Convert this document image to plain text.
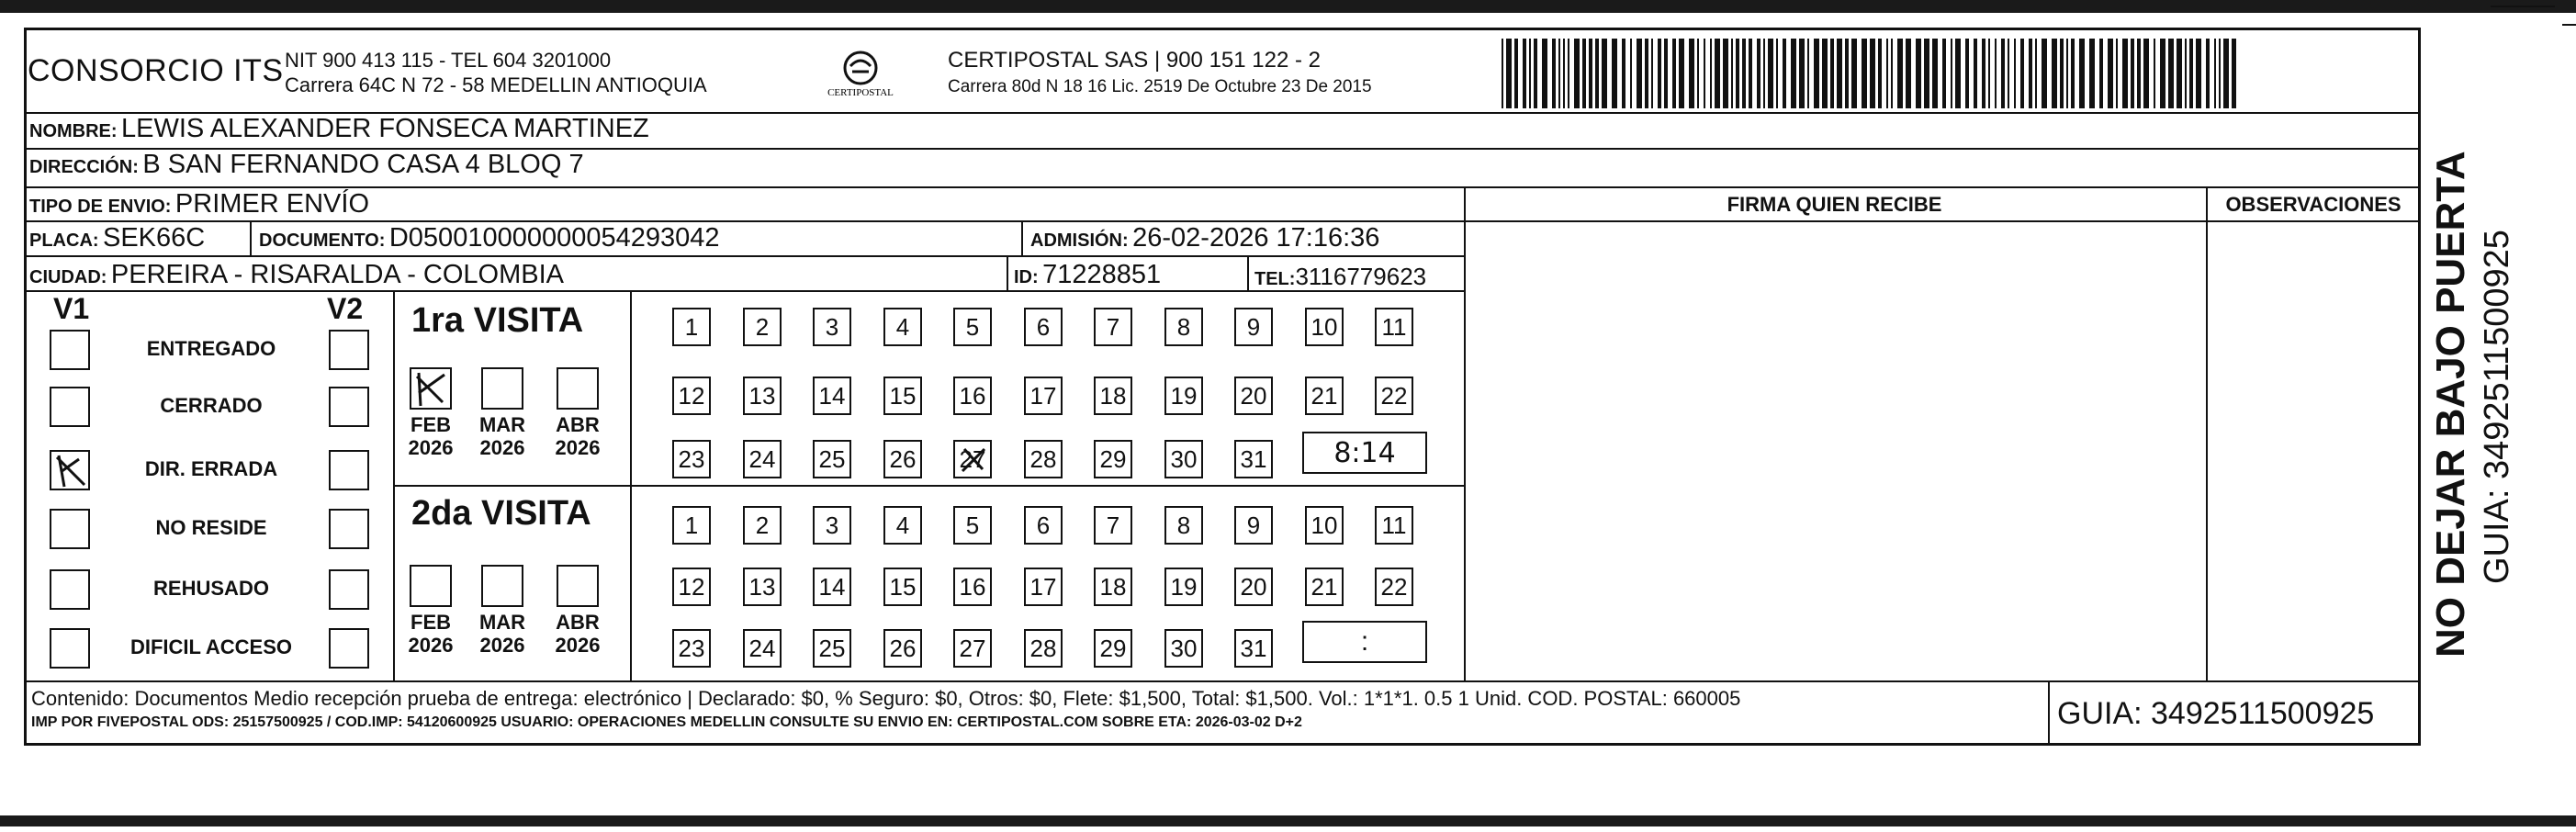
CONSORCIO ITS NIT 900 413 115 - TEL 604 3201000
Carrera 64C N 72 - 58 MEDELLIN ANTIOQUIA	CERTIPOSTAL
CERTIPOSTAL SAS | 900 151 122 - 2
Carrera 80d N 18 16 Lic. 2519 De Octubre 23 De 2015
NOMBRE: LEWIS ALEXANDER FONSECA MARTINEZ
DIRECCIÓN: B SAN FERNANDO CASA 4 BLOQ 7
TIPO DE ENVIO: PRIMER ENVÍO	FIRMA QUIEN RECIBE	OBSERVACIONES
PLACA: SEK66C	DOCUMENTO: D050010000000054293042	ADMISIÓN: 26-02-2026 17:16:36
CIUDAD: PEREIRA - RISARALDA - COLOMBIA	ID: 71228851	TEL:3116779623
V1	V2
ENTREGADO
CERRADO
DIR. ERRADA
NO RESIDE
REHUSADO
DIFICIL ACCESO
1ra VISITA
2da VISITA
FEB
2026
MAR
2026
ABR
2026
FEB
2026
MAR
2026
ABR
2026
1 2 3 4 5 6 7 8 9 10 11
12 13 14 15 16 17 18 19 20 21 22
23 24 25 26 27 28 29 30 31
1 2 3 4 5 6 7 8 9 10 11
12 13 14 15 16 17 18 19 20 21 22
23 24 25 26 27 28 29 30 31
8:14
:
Contenido: Documentos Medio recepción prueba de entrega: electrónico | Declarado: $0, % Seguro: $0, Otros: $0, Flete: $1,500, Total: $1,500. Vol.: 1*1*1. 0.5 1 Unid. COD. POSTAL: 660005
IMP POR FIVEPOSTAL ODS: 25157500925 / COD.IMP: 54120600925 USUARIO: OPERACIONES MEDELLIN CONSULTE SU ENVIO EN: CERTIPOSTAL.COM SOBRE ETA: 2026-03-02 D+2	GUIA: 3492511500925
NO DEJAR BAJO PUERTA GUIA: 3492511500925
